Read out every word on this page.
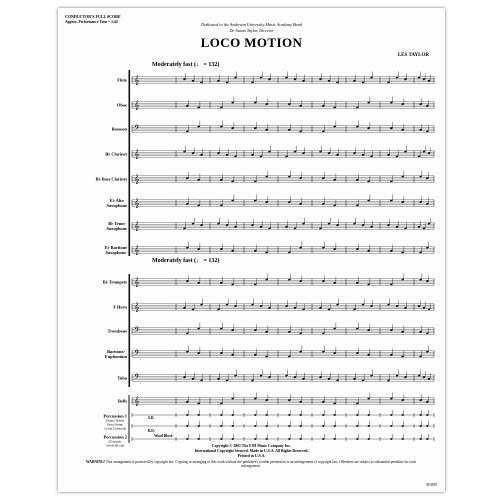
CONDUCTOR'S FULL SCORE
Approx. Performance Time = 1:44	Dedicated to the Anderson University Music Academy Band
Dr. Susan Taylor, Director
LOCO MOTION
LES TAYLOR
Moderately fast (♩ = 132)
Moderately fast (♩ = 132)
Flute
Oboe
Bassoon
B♭ Clarinet
B♭ Bass Clarinet
E♭ Alto
Saxophone
B♭ Tenor
Saxophone
E♭ Baritone
Saxophone
B♭ Trumpets
F Horn
Trombone
Baritone/
Euphonium
Tuba
Bells
Percussion 1
(Snare Drum,
Bass Drum,
Crash Cymbals)
Percussion 2
(Triangle,
Wood Block)
S.D.
B.D.
Wood Block
𝄞
𝄞
𝄢
𝄞
𝄞
𝄞
𝄞
𝄞
𝄞
𝄞
𝄢
𝄢
𝄢
𝄞
Copyright © 2001 The FJH Music Company Inc.
International Copyright Secured. Made in U.S.A. All Rights Reserved.
Printed in U.S.A.
WARNING! This arrangement is protected by copyright law. Copying or arranging of this work without the publisher's written permission is an infringement of copyright law. Offenders are subject to substantial penalties for each infringement.
B1095
